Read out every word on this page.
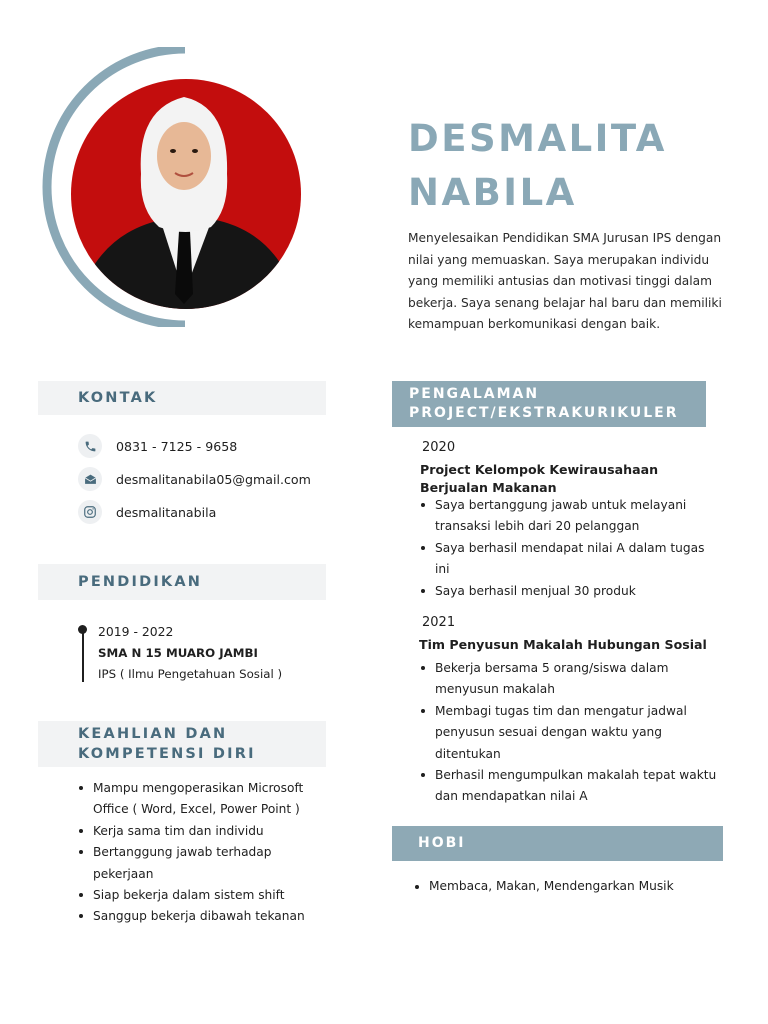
DESMALITA
NABILA

Menyelesaikan Pendidikan SMA Jurusan IPS dengan nilai yang memuaskan. Saya merupakan individu yang memiliki antusias dan motivasi tinggi dalam bekerja. Saya senang belajar hal baru dan memiliki kemampuan berkomunikasi dengan baik.

KONTAK
0831 - 7125 - 9658
desmalitanabila05@gmail.com
desmalitanabila
PENDIDIKAN
2019 - 2022
SMA N 15 MUARO JAMBI
IPS ( Ilmu Pengetahuan Sosial )
KEAHLIAN DAN
KOMPETENSI DIRI
Mampu mengoperasikan Microsoft Office ( Word, Excel, Power Point )
Kerja sama tim dan individu
Bertanggung jawab terhadap pekerjaan
Siap bekerja dalam sistem shift
Sanggup bekerja dibawah tekanan
PENGALAMAN
PROJECT/EKSTRAKURIKULER
2020
Project Kelompok Kewirausahaan Berjualan Makanan
Saya bertanggung jawab untuk melayani transaksi lebih dari 20 pelanggan
Saya berhasil mendapat nilai A dalam tugas ini
Saya berhasil menjual 30 produk
2021
Tim Penyusun Makalah Hubungan Sosial
Bekerja bersama 5 orang/siswa dalam menyusun makalah
Membagi tugas tim dan mengatur jadwal penyusun sesuai dengan waktu yang ditentukan
Berhasil mengumpulkan makalah tepat waktu dan mendapatkan nilai A
HOBI
Membaca, Makan, Mendengarkan Musik
